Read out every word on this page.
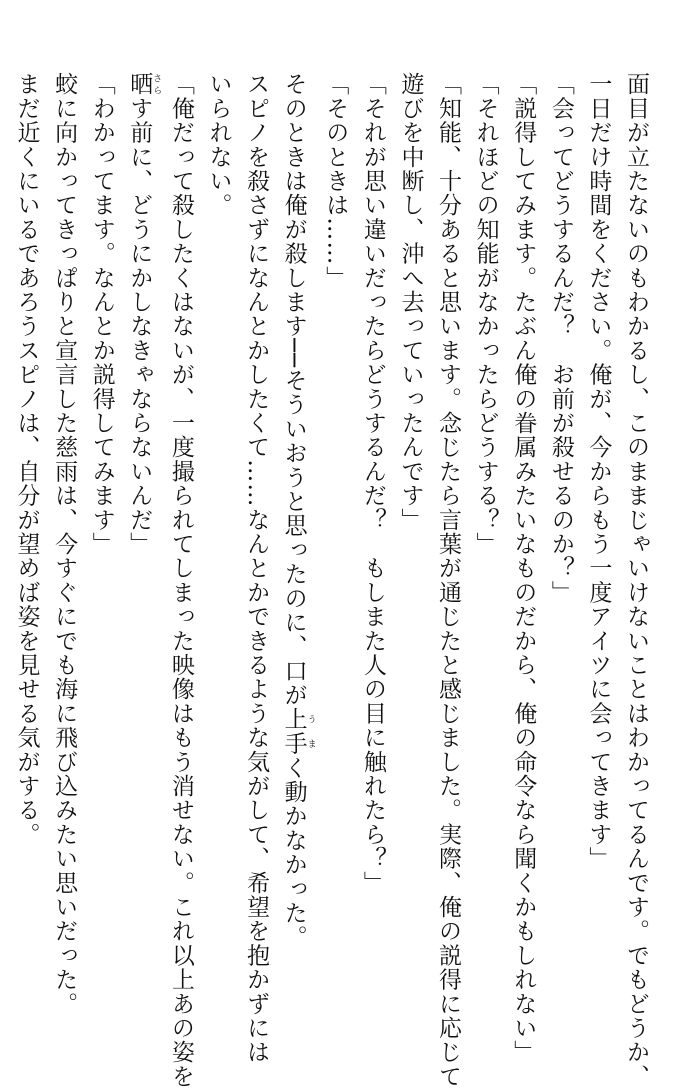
面目が立たないのもわかるし、このままじゃいけないことはわかってるんです。でもどうか、

一日だけ時間をください。俺が、今からもう一度アイツに会ってきます」

「会ってどうするんだ？　お前が殺せるのか？」

「説得してみます。たぶん俺の眷属みたいなものだから、俺の命令なら聞くかもしれない」

「それほどの知能がなかったらどうする？」

「知能、十分あると思います。念じたら言葉が通じたと感じました。実際、俺の説得に応じて

遊びを中断し、沖へ去っていったんです」

「それが思い違いだったらどうするんだ？　もしまた人の目に触れたら？」

「そのときは……」

そのときは俺が殺します──そういおうと思ったのに、口が上手 うまく動かなかった。

スピノを殺さずになんとかしたくて……なんとかできるような気がして、希望を抱かずには

いられない。

「俺だって殺したくはないが、一度撮られてしまった映像はもう消せない。これ以上あの姿を

晒 さらす前に、どうにかしなきゃならないんだ」

「わかってます。なんとか説得してみます」

蛟に向かってきっぱりと宣言した慈雨は、今すぐにでも海に飛び込みたい思いだった。

まだ近くにいるであろうスピノは、自分が望めば姿を見せる気がする。
